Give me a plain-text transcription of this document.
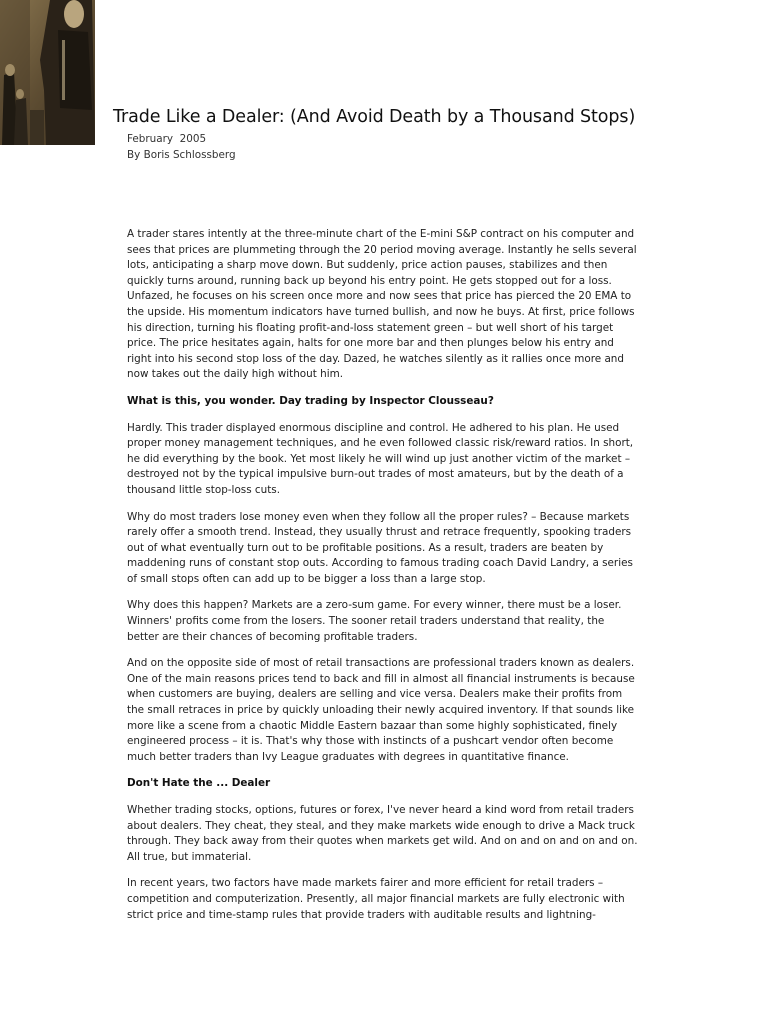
Trade Like a Dealer: (And Avoid Death by a Thousand Stops)
February  2005
By Boris Schlossberg

A trader stares intently at the three-minute chart of the E-mini S&P contract on his computer and sees that prices are plummeting through the 20 period moving average. Instantly he sells several lots, anticipating a sharp move down. But suddenly, price action pauses, stabilizes and then quickly turns around, running back up beyond his entry point. He gets stopped out for a loss. Unfazed, he focuses on his screen once more and now sees that price has pierced the 20 EMA to the upside. His momentum indicators have turned bullish, and now he buys. At first, price follows his direction, turning his floating profit-and-loss statement green – but well short of his target price. The price hesitates again, halts for one more bar and then plunges below his entry and right into his second stop loss of the day. Dazed, he watches silently as it rallies once more and now takes out the daily high without him.

What is this, you wonder. Day trading by Inspector Clousseau?

Hardly. This trader displayed enormous discipline and control. He adhered to his plan. He used proper money management techniques, and he even followed classic risk/reward ratios. In short, he did everything by the book. Yet most likely he will wind up just another victim of the market – destroyed not by the typical impulsive burn-out trades of most amateurs, but by the death of a thousand little stop-loss cuts.

Why do most traders lose money even when they follow all the proper rules? – Because markets rarely offer a smooth trend. Instead, they usually thrust and retrace frequently, spooking traders out of what eventually turn out to be profitable positions. As a result, traders are beaten by maddening runs of constant stop outs. According to famous trading coach David Landry, a series of small stops often can add up to be bigger a loss than a large stop.

Why does this happen? Markets are a zero-sum game. For every winner, there must be a loser. Winners' profits come from the losers. The sooner retail traders understand that reality, the better are their chances of becoming profitable traders.

And on the opposite side of most of retail transactions are professional traders known as dealers. One of the main reasons prices tend to back and fill in almost all financial instruments is because when customers are buying, dealers are selling and vice versa. Dealers make their profits from the small retraces in price by quickly unloading their newly acquired inventory. If that sounds like more like a scene from a chaotic Middle Eastern bazaar than some highly sophisticated, finely engineered process – it is. That's why those with instincts of a pushcart vendor often become much better traders than Ivy League graduates with degrees in quantitative finance.

Don't Hate the ... Dealer

Whether trading stocks, options, futures or forex, I've never heard a kind word from retail traders about dealers. They cheat, they steal, and they make markets wide enough to drive a Mack truck through. They back away from their quotes when markets get wild. And on and on and on and on. All true, but immaterial.

In recent years, two factors have made markets fairer and more efficient for retail traders – competition and computerization. Presently, all major financial markets are fully electronic with strict price and time-stamp rules that provide traders with auditable results and lightning-
